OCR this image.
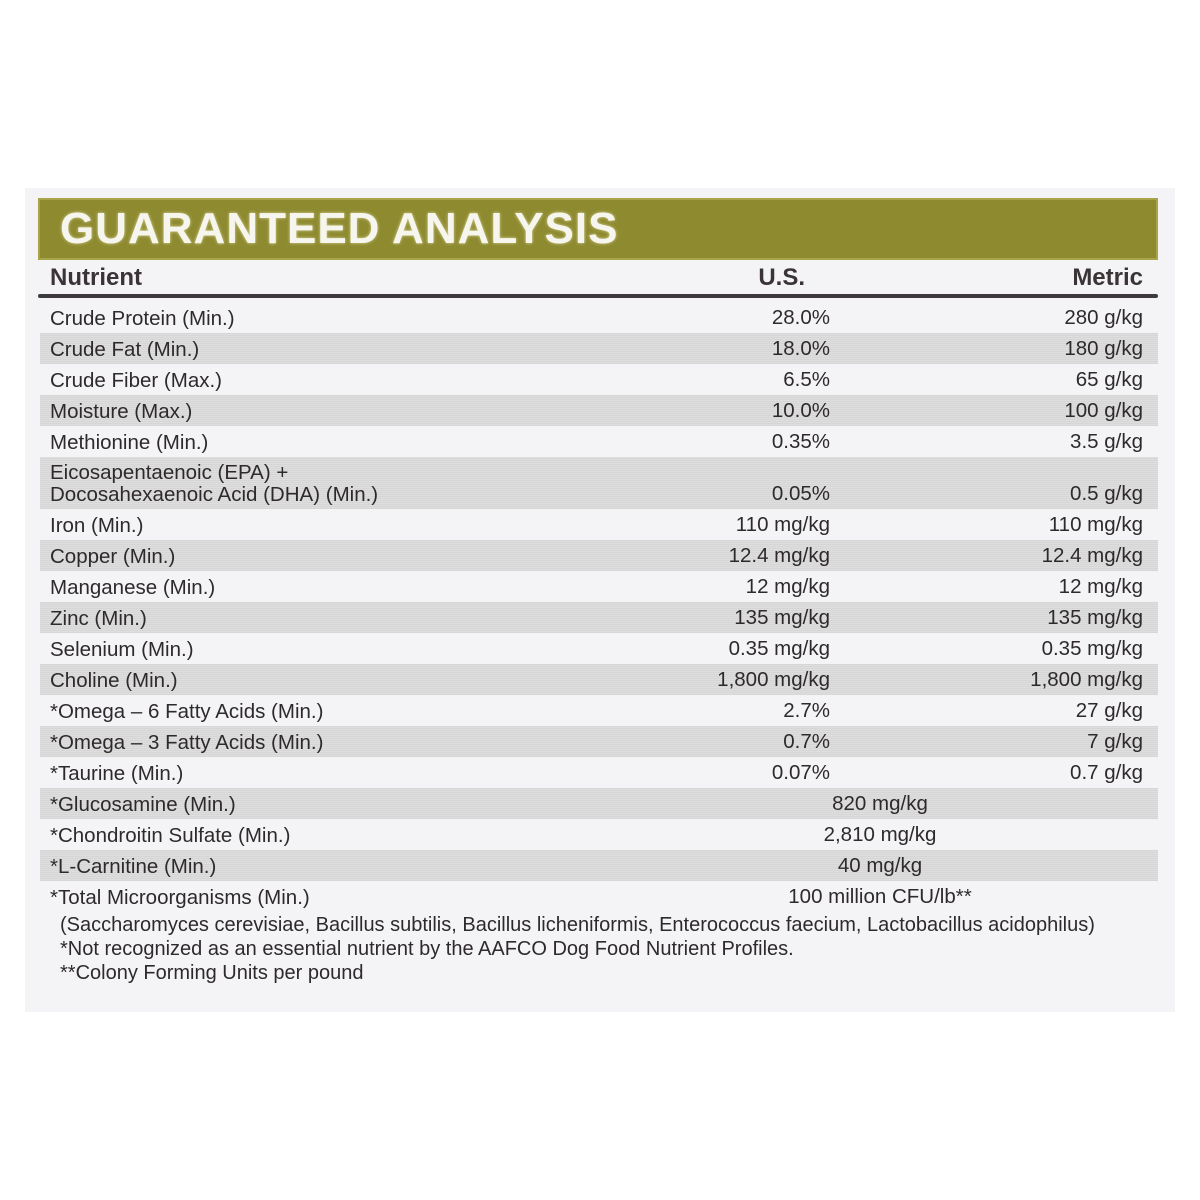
GUARANTEED ANALYSIS
Nutrient	U.S.	Metric
Crude Protein (Min.)	28.0%	280 g/kg
Crude Fat (Min.)	18.0%	180 g/kg
Crude Fiber (Max.)	6.5%	65 g/kg
Moisture (Max.)	10.0%	100 g/kg
Methionine (Min.)	0.35%	3.5 g/kg
Eicosapentaenoic (EPA) +
Docosahexaenoic Acid (DHA) (Min.)	0.05%	0.5 g/kg
Iron (Min.)	110 mg/kg	110 mg/kg
Copper (Min.)	12.4 mg/kg	12.4 mg/kg
Manganese (Min.)	12 mg/kg	12 mg/kg
Zinc (Min.)	135 mg/kg	135 mg/kg
Selenium (Min.)	0.35 mg/kg	0.35 mg/kg
Choline (Min.)	1,800 mg/kg	1,800 mg/kg
*Omega – 6 Fatty Acids (Min.)	2.7%	27 g/kg
*Omega – 3 Fatty Acids (Min.)	0.7%	7 g/kg
*Taurine (Min.)	0.07%	0.7 g/kg
*Glucosamine (Min.)	820 mg/kg
*Chondroitin Sulfate (Min.)	2,810 mg/kg
*L-Carnitine (Min.)	40 mg/kg
*Total Microorganisms (Min.)	100 million CFU/lb**
(Saccharomyces cerevisiae, Bacillus subtilis, Bacillus licheniformis, Enterococcus faecium, Lactobacillus acidophilus)
*Not recognized as an essential nutrient by the AAFCO Dog Food Nutrient Profiles.
**Colony Forming Units per pound
